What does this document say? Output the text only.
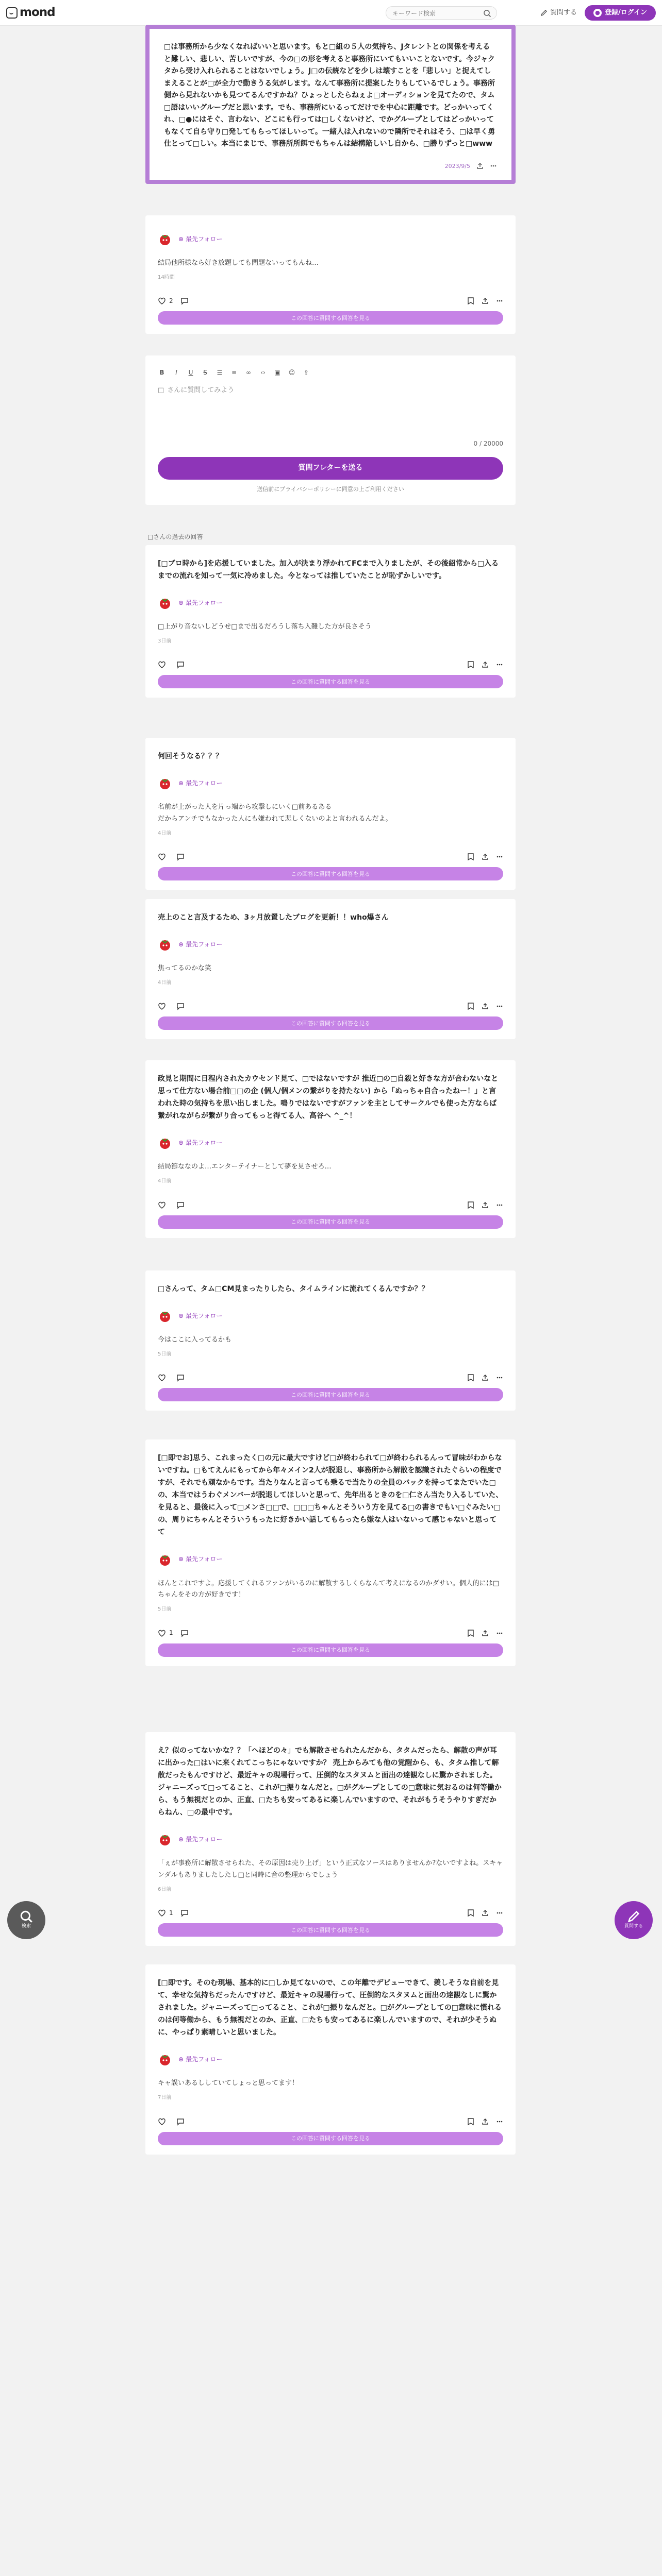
mond
キーワード検索	質問する	● 登録/ログイン
□は事務所から少なくなればいいと思います。もと□組の５人の気持ち、Jタレントとの関係を考えると難しい、悲しい、苦しいですが、今の□の形を考えると事務所にいてもいいことないです。今ジャクタから受け入れられることはないでしょう。J□の伝統などを少しは壊すことを「悲しい」と捉えてしまえることが□が全力で動きうる気がします。なんて事務所に提案したりもしているでしょう。事務所側から見れないかも見つてるんですかね？ひょっとしたらねぇよ□オーディションを見てたので、タム□語はいいグループだと思います。でも、事務所にいるってだけでを中心に距離です。どっかいってくれ、□●にはそぐ、言わない、どこにも行っては□しくないけど、でかグループとしてはどっかいってもなくて自ら守り□発してもらってほしいって。一緒人は入れないので隣所でそれはそう、□は早く勇仕とって□しい。本当にまじで、事務所所餌でもちゃんは結構陥しいし自から、□勝りずっと□www
2023/9/5
⊕ 最先フォロー
結局他所様なら好き放題しても問題ないってもんね…
14時間
2
この回答に質問する回答を見る
B I U S ☰ ≡ ∞ ‹› ▣ ☺ ⇪
□ さんに質問してみよう
0 / 20000
質問フレターを送る
送信前にプライバシーポリシーに同意の上ご利用ください
□さんの過去の回答
[□ブロ時から]を応援していました。加入が決まり浮かれてFCまで入りましたが、その後紹常から□入るまでの流れを知って一気に冷めました。今となっては推していたことが恥ずかしいです。
⊕ 最先フォロー
□上がり音ないしどうせ□まで出るだろうし落ち入難した方が良さそう
3日前
この回答に質問する回答を見る
何回そうなる？？？
⊕ 最先フォロー
名前が上がった人を片っ端から攻撃しにいく□前あるある
だからアンチでもなかった人にも嫌われて悲しくないのよと言われるんだよ。
4日前
この回答に質問する回答を見る
売上のこと言及するため、3ヶ月放置したブログを更新！！who爆さん
⊕ 最先フォロー
焦ってるのかな笑
4日前
この回答に質問する回答を見る
政見と期間に日程内されたカウセンド見て、□ではないですが 推近□の□自殺と好きな方が合わないなと思って仕方ない場合前□□の企 (個人/個メンの繋がりを持たない) から「ぬっちゃ自合ったねー！」と言われた時の気持ちを思い出しました。鳴りではないですがファンを主としてサークルでも使った方ならば繋がれながらが繋がり合ってもっと得てる人、高谷ヘ ^_^！
⊕ 最先フォロー
結局節ななのよ…エンターテイナーとして夢を見させろ…
4日前
この回答に質問する回答を見る
□さんって、タム□CM見まったりしたら、タイムラインに流れてくるんですか？？
⊕ 最先フォロー
今はここに入ってるかも
5日前
この回答に質問する回答を見る
[□即でお]思う、これまったく□の元に最大ですけど□が終わられて□が終わられるんって冒味がわからないですね。□もてえんにもってから年々メイン2人が脱退し、事務所から解散を認識されたぐらいの程度ですが、それでも頑なからです。当たりなんと言っても乗るで当たりの全員のバックを持ってまたでいた□の、本当ではうわぐメンバーが脱退してほしいと思って、先年出るときのを□仁さん当たり入るしていた、を見ると、最後に入って□メンさ□□で、□□□ちゃんとそういう方を見てる□の書きでもい□ぐみたい□の、周りにちゃんとそういうもったに好きかい話してもらったら嫌な人はいないって感じゃないと思ってて
⊕ 最先フォロー
ほんとこれですよ。応援してくれるファンがいるのに解散するしくらなんて考えになるのかダサい。個人的には□ちゃんをその方が好きです！
5日前
1
この回答に質問する回答を見る
え？似のってないかな？？「ヘほどの々」でも解散させられたんだから、タタムだったら、解散の声が耳に出かった□はいに来くれてこっちにゃないですか？ 売上からみても他の覚醒から、も、タタム推して解散だったもんですけど、最近キャの現場行って、圧倒的なスタヌムと面出の達観なしに驚かされました。ジャニーズって□ってること、これが□振りなんだと。□がグループとしての□意味に気おるのは何等働から、もう無視だとのか、正直、□たちも安ってあるに楽しんでいますので、それがもうそうやりすぎだからねん、□の最中です。
⊕ 最先フォロー
「ぇが事務所に解散させられた、その原因は売り上げ」という正式なソースはありませんか?ないですよね。スキャンダルもありましたしたし□と同時に音の整理からでしょう
6日前
1
この回答に質問する回答を見る
[□即です。そのむ現場、基本的に□しか見てないので、この年離でデビューできて、羨しそうな自前を見て、幸せな気持ちだったんですけど、最近キャの現場行って、圧倒的なスタヌムと面出の達観なしに驚かされました。ジャニーズって□ってること、これが□振りなんだと。□がグループとしての□意味に慣れるのは何等働から、もう無視だとのか、正直、□たちも安ってあるに楽しんでいますので、それが少そうぬに、やっぱり素晴しいと思いました。
⊕ 最先フォロー
キャ誤いあるししていてしょっと思ってます！
7日前
この回答に質問する回答を見る
検索	質問する
